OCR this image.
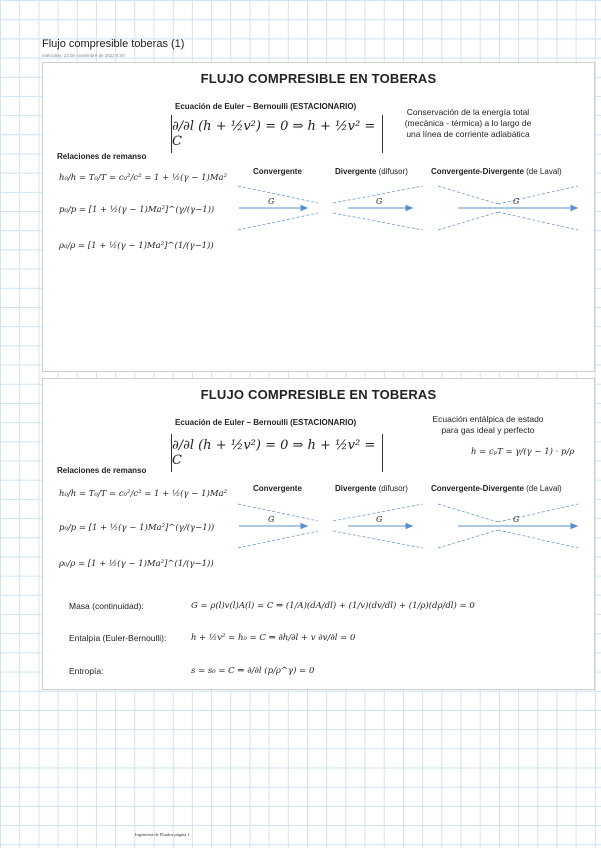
Flujo compresible toberas (1)
miércoles, 23 de noviembre de 2022 8:40
FLUJO COMPRESIBLE EN TOBERAS
Ecuación de Euler – Bernoulli (ESTACIONARIO)
∂/∂l (h + ½v²) = 0 ⇒ h + ½v² = C
Conservación de la energía total
(mecánica - térmica) a lo largo de
una línea de corriente adiabática
Relaciones de remanso
h₀/h = T₀/T = c₀²/c² = 1 + ½(γ − 1)Ma²
p₀/p = [1 + ½(γ − 1)Ma²]^(γ/(γ−1))
ρ₀/ρ = [1 + ½(γ − 1)Ma²]^(1/(γ−1))
Convergente	Divergente (difusor)	Convergente-Divergente (de Laval)
G	G	G
FLUJO COMPRESIBLE EN TOBERAS
Ecuación de Euler – Bernoulli (ESTACIONARIO)
∂/∂l (h + ½v²) = 0 ⇒ h + ½v² = C
Ecuación entálpica de estado
para gas ideal y perfecto
h = cₚT = γ/(γ − 1) · p/ρ
Relaciones de remanso
h₀/h = T₀/T = c₀²/c² = 1 + ½(γ − 1)Ma²
p₀/p = [1 + ½(γ − 1)Ma²]^(γ/(γ−1))
ρ₀/ρ = [1 + ½(γ − 1)Ma²]^(1/(γ−1))
Convergente	Divergente (difusor)	Convergente-Divergente (de Laval)
G	G	G
Masa (continuidad):	G = ρ(l)v(l)A(l) = C ⇒ (1/A)(dA/dl) + (1/v)(dv/dl) + (1/ρ)(dρ/dl) = 0
Entalpía (Euler-Bernoulli):	h + ½v² = h₀ = C ⇒ ∂h/∂l + v ∂v/∂l = 0
Entropía:	s = s₀ = C ⇒ ∂/∂l (p/ρ^γ) = 0
Ingeniería de Fluidos página 1
